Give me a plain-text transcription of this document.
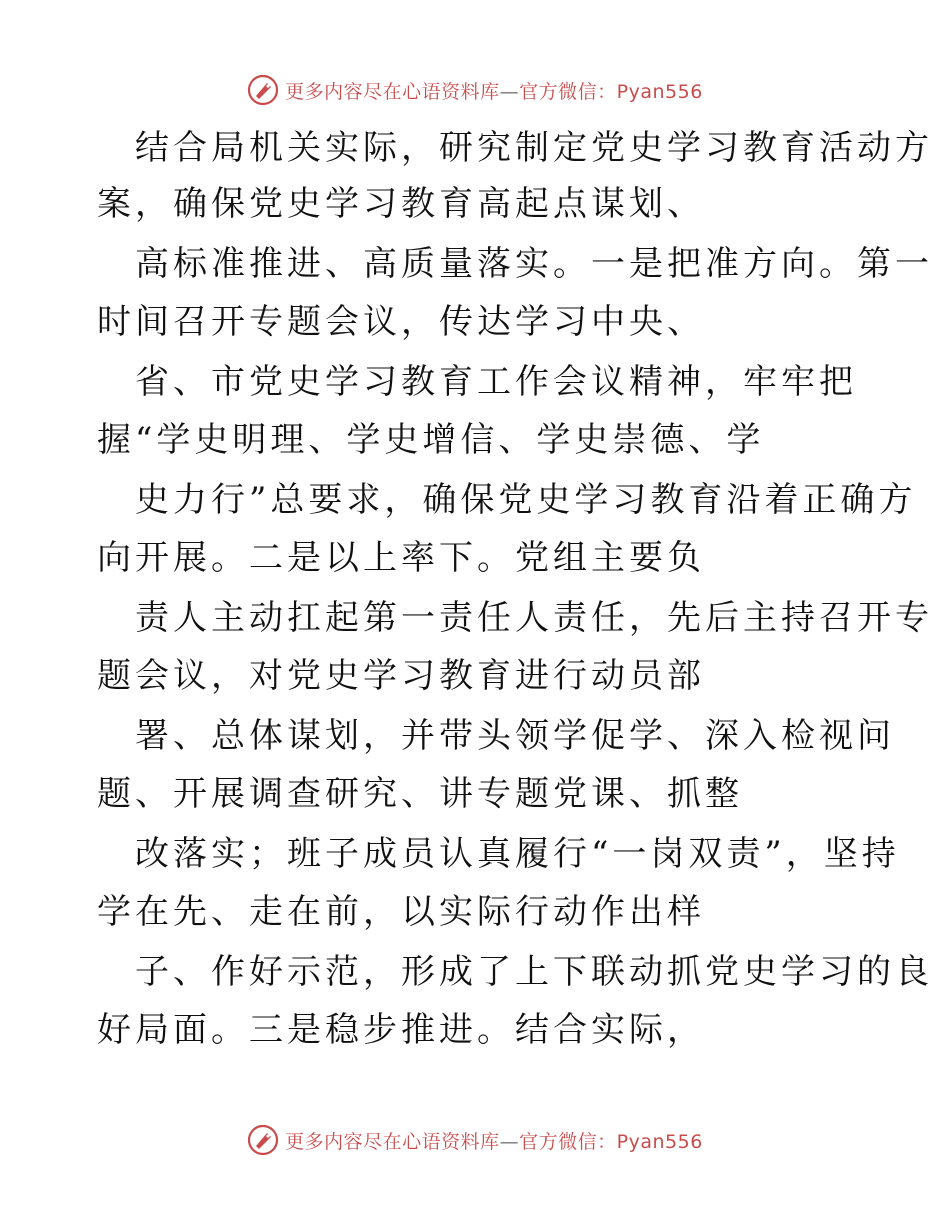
更多内容尽在心语资料库—官方微信：Pyan556
结合局机关实际，研究制定党史学习教育活动方
案，确保党史学习教育高起点谋划、
高标准推进、高质量落实。一是把准方向。第一
时间召开专题会议，传达学习中央、
省、市党史学习教育工作会议精神，牢牢把
握“学史明理、学史增信、学史崇德、学
史力行”总要求，确保党史学习教育沿着正确方
向开展。二是以上率下。党组主要负
责人主动扛起第一责任人责任，先后主持召开专
题会议，对党史学习教育进行动员部
署、总体谋划，并带头领学促学、深入检视问
题、开展调查研究、讲专题党课、抓整
改落实；班子成员认真履行“一岗双责”，坚持
学在先、走在前，以实际行动作出样
子、作好示范，形成了上下联动抓党史学习的良
好局面。三是稳步推进。结合实际，
更多内容尽在心语资料库—官方微信：Pyan556
